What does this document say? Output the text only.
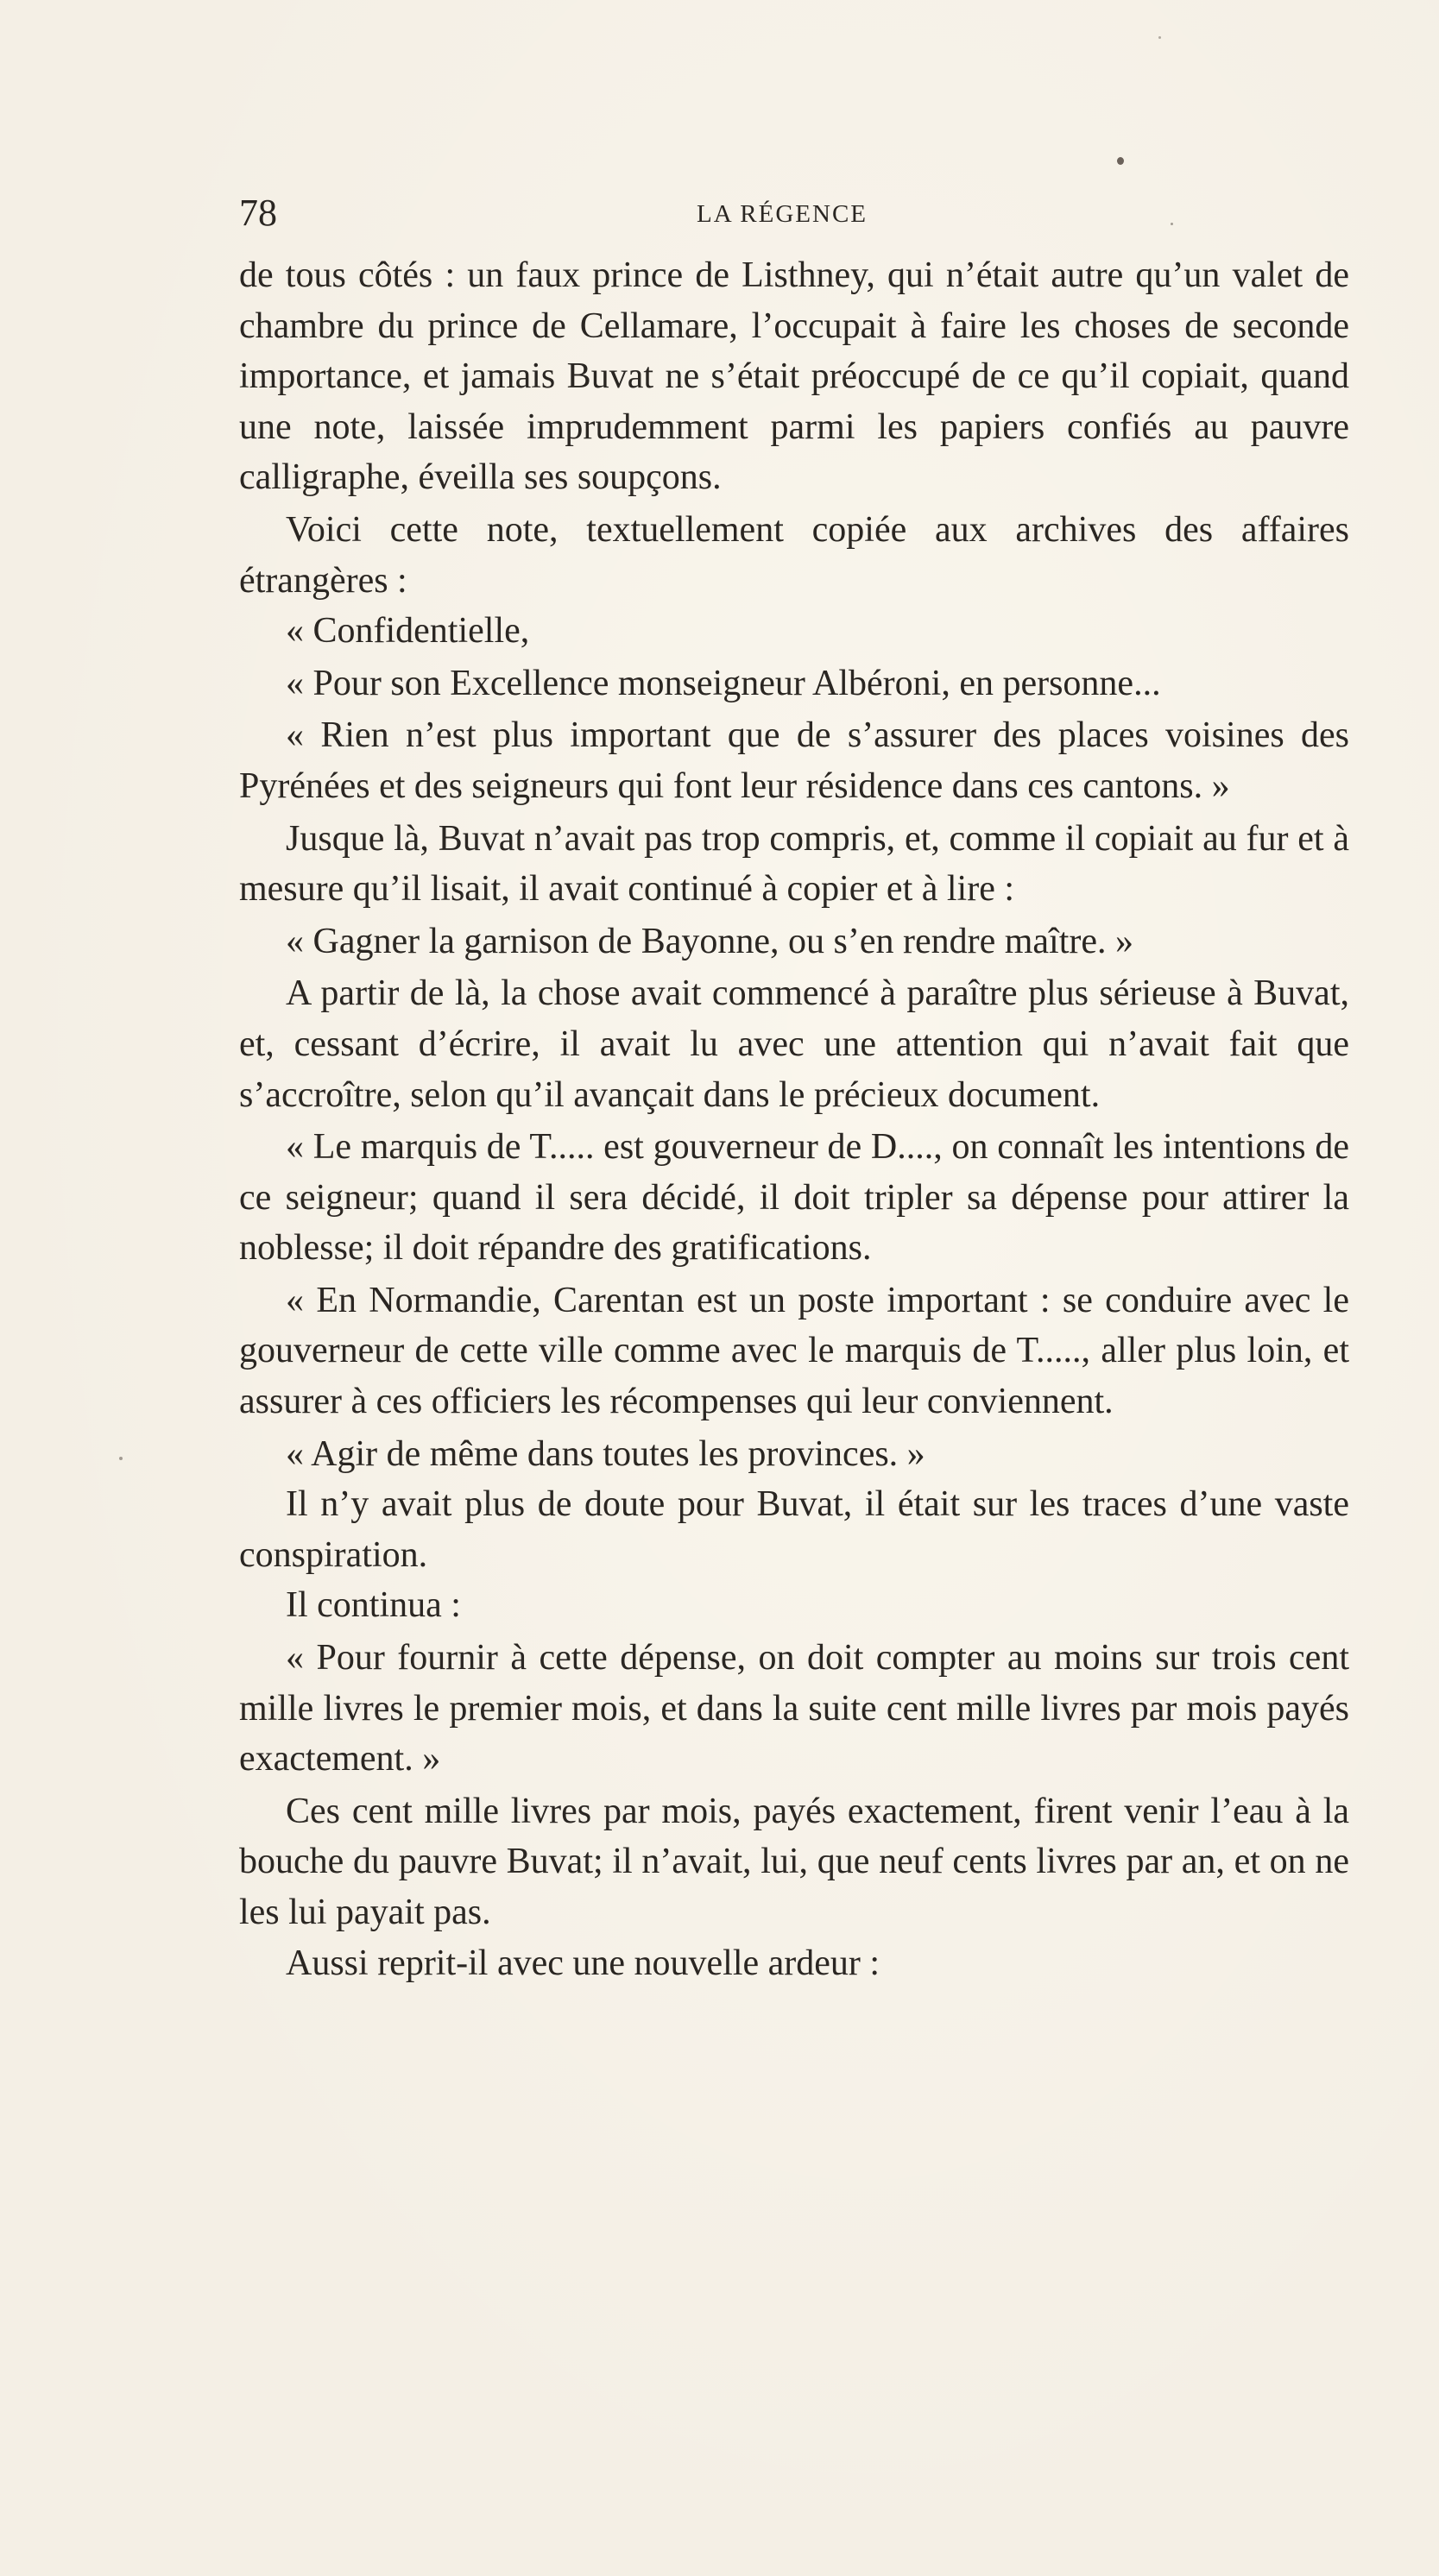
78	LA RÉGENCE

de tous côtés : un faux prince de Listhney, qui n’était autre qu’un valet de chambre du prince de Cellamare, l’occupait à faire les choses de seconde importance, et jamais Buvat ne s’était préoccupé de ce qu’il copiait, quand une note, laissée imprudemment parmi les papiers confiés au pauvre calligraphe, éveilla ses soupçons.

Voici cette note, textuellement copiée aux archives des affaires étrangères :

« Confidentielle,

« Pour son Excellence monseigneur Albéroni, en personne...

« Rien n’est plus important que de s’assurer des places voisines des Pyrénées et des seigneurs qui font leur résidence dans ces cantons. »

Jusque là, Buvat n’avait pas trop compris, et, comme il copiait au fur et à mesure qu’il lisait, il avait continué à copier et à lire :

« Gagner la garnison de Bayonne, ou s’en rendre maître. »

A partir de là, la chose avait commencé à paraître plus sérieuse à Buvat, et, cessant d’écrire, il avait lu avec une attention qui n’avait fait que s’accroître, selon qu’il avançait dans le précieux document.

« Le marquis de T..... est gouverneur de D...., on connaît les intentions de ce seigneur; quand il sera décidé, il doit tripler sa dépense pour attirer la noblesse; il doit répandre des gratifications.

« En Normandie, Carentan est un poste important : se conduire avec le gouverneur de cette ville comme avec le marquis de T....., aller plus loin, et assurer à ces officiers les récompenses qui leur conviennent.

« Agir de même dans toutes les provinces. »

Il n’y avait plus de doute pour Buvat, il était sur les traces d’une vaste conspiration.

Il continua :

« Pour fournir à cette dépense, on doit compter au moins sur trois cent mille livres le premier mois, et dans la suite cent mille livres par mois payés exactement. »

Ces cent mille livres par mois, payés exactement, firent venir l’eau à la bouche du pauvre Buvat; il n’avait, lui, que neuf cents livres par an, et on ne les lui payait pas.

Aussi reprit-il avec une nouvelle ardeur :
